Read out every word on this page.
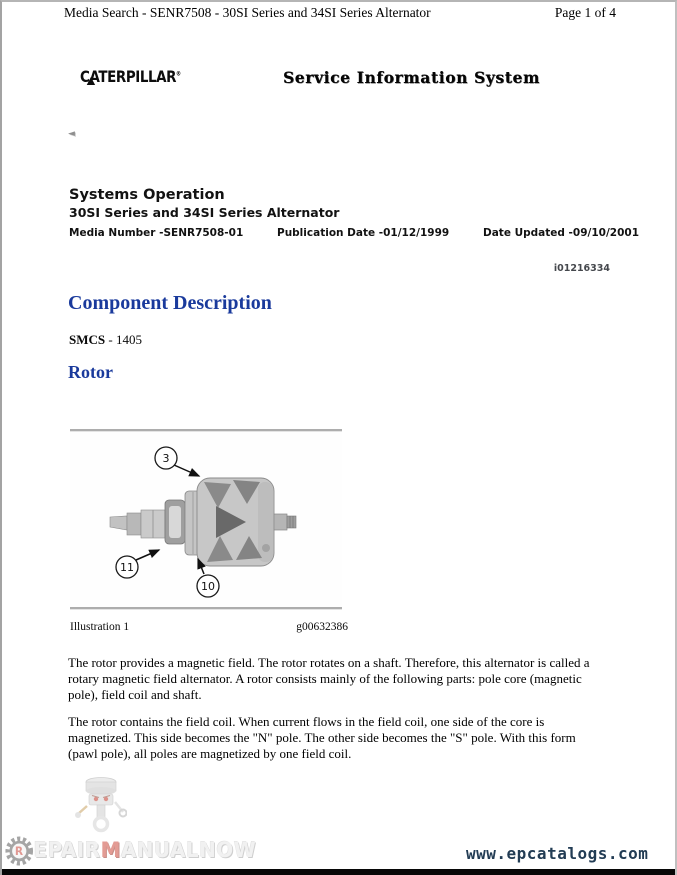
Media Search - SENR7508 - 30SI Series and 34SI Series Alternator	Page 1 of 4
CATERPILLAR®	Service Information System
◄
Systems Operation
30SI Series and 34SI Series Alternator
Media Number -SENR7508-01	Publication Date -01/12/1999	Date Updated -09/10/2001
i01216334
Component Description
SMCS - 1405
Rotor
3
11
10
Illustration 1	g00632386
The rotor provides a magnetic field. The rotor rotates on a shaft. Therefore, this alternator is called a
rotary magnetic field alternator. A rotor consists mainly of the following parts: pole core (magnetic
pole), field coil and shaft.
The rotor contains the field coil. When current flows in the field coil, one side of the core is
magnetized. This side becomes the "N" pole. The other side becomes the "S" pole. With this form
(pawl pole), all poles are magnetized by one field coil.
R EPAIRMANUALNOW	www.epcatalogs.com
